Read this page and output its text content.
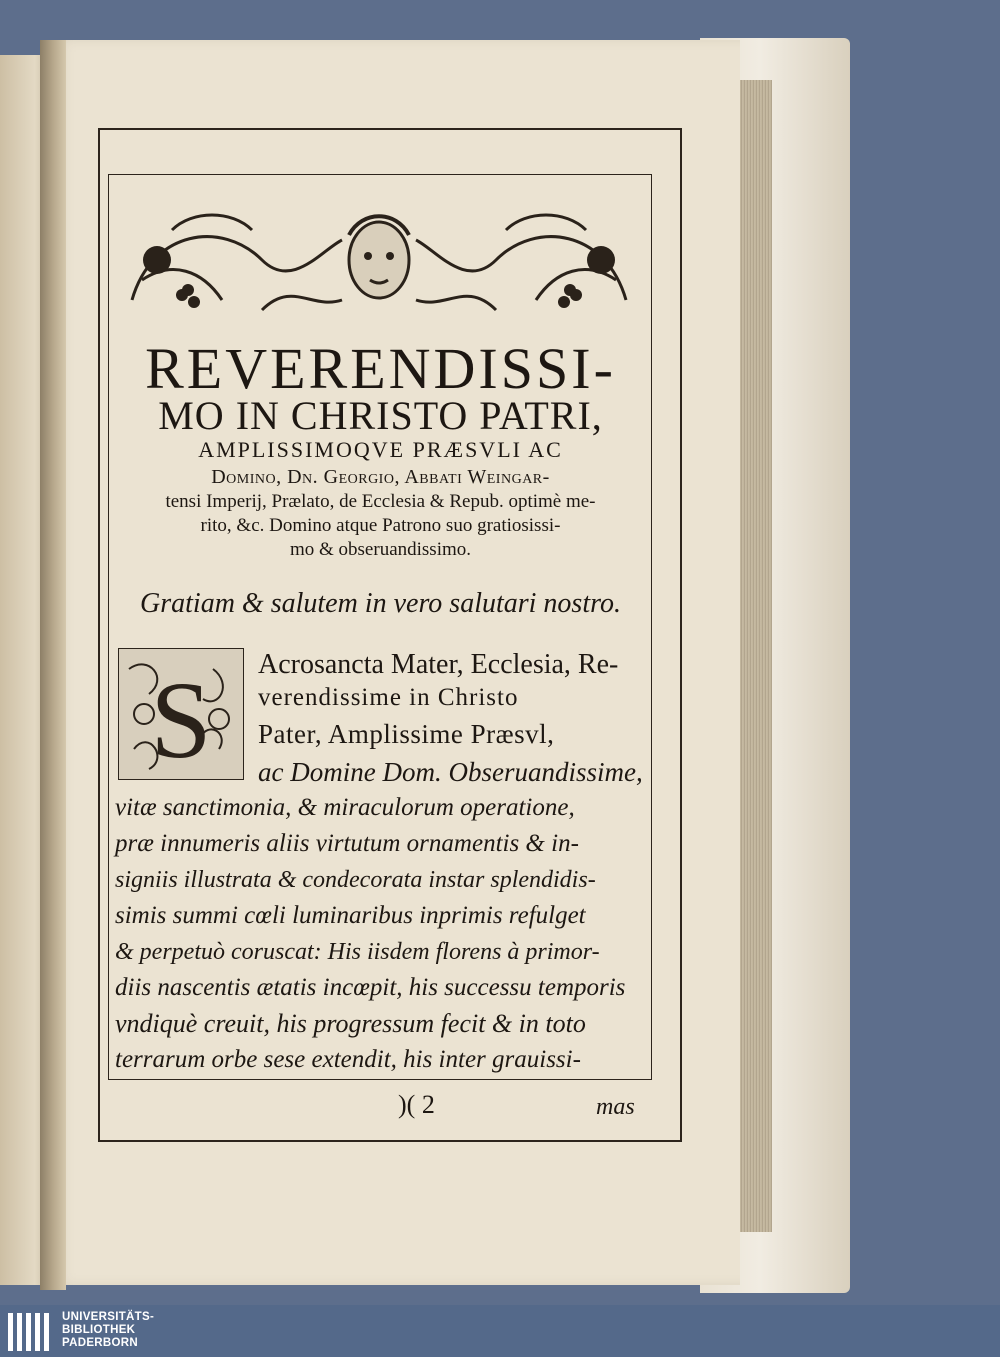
REVERENDISSI-
MO IN CHRISTO PATRI,
AMPLISSIMOQVE PRÆSVLI AC
Domino, Dn. Georgio, Abbati Weingar-
tensi Imperij, Prælato, de Ecclesia & Repub. optimè me-
rito, &c. Domino atque Patrono suo gratiosissi-
mo & obseruandissimo.
Gratiam & salutem in vero salutari nostro.
S Acrosancta Mater, Ecclesia, Re-
verendissime in Christo
Pater, Amplissime Præsvl,
ac Domine Dom. Obseruandissime,
vitæ sanctimonia, & miraculorum operatione,
præ innumeris aliis virtutum ornamentis & in-
signiis illustrata & condecorata instar splendidis-
simis summi cœli luminaribus inprimis refulget
& perpetuò coruscat: His iisdem florens à primor-
diis nascentis ætatis incœpit, his successu temporis
vndiquè creuit, his progressum fecit & in toto
terrarum orbe sese extendit, his inter grauissi-
)( 2	mas
UNIVERSITÄTS-
BIBLIOTHEK
PADERBORN
